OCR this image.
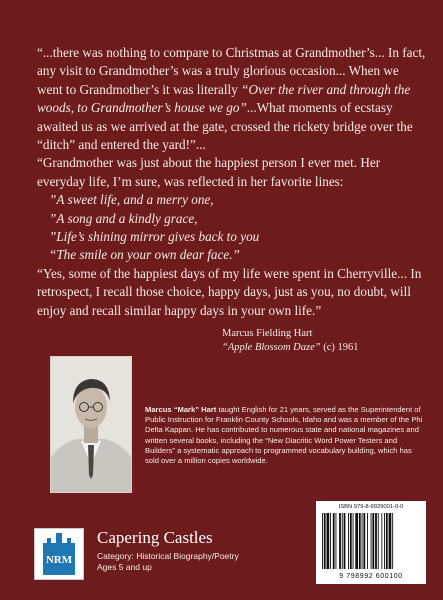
“...there was nothing to compare to Christmas at Grandmother’s... In fact, any visit to Grandmother’s was a truly glorious occasion... When we went to Grandmother’s it was literally “Over the river and through the woods, to Grandmother’s house we go”...What moments of ecstasy awaited us as we arrived at the gate, crossed the rickety bridge over the “ditch” and entered the yard!”...

“Grandmother was just about the happiest person I ever met. Her everyday life, I’m sure, was reflected in her favorite lines:

”A sweet life, and a merry one,
”A song and a kindly grace,
”Life’s shining mirror gives back to you
“The smile on your own dear face.”

“Yes, some of the happiest days of my life were spent in Cherryville... In retrospect, I recall those choice, happy days, just as you, no doubt, will enjoy and recall similar happy days in your own life.”

Marcus Fielding Hart
“Apple Blossom Daze” (c) 1961
Marcus “Mark” Hart taught English for 21 years, served as the Superintendent of Public Instruction for Franklin County Schools, Idaho and was a member of the Phi Delta Kappan. He has contributed to numerous state and national magazines and written several books, including the “New Diacritic Word Power Testers and Builders” a systematic approach to programmed vocabulary building, which has sold over a million copies worldwide.
NRM
Capering Castles
Category: Historical Biography/Poetry
Ages 5 and up
ISBN 979-8-9929001-0-0
9 798992 600100
